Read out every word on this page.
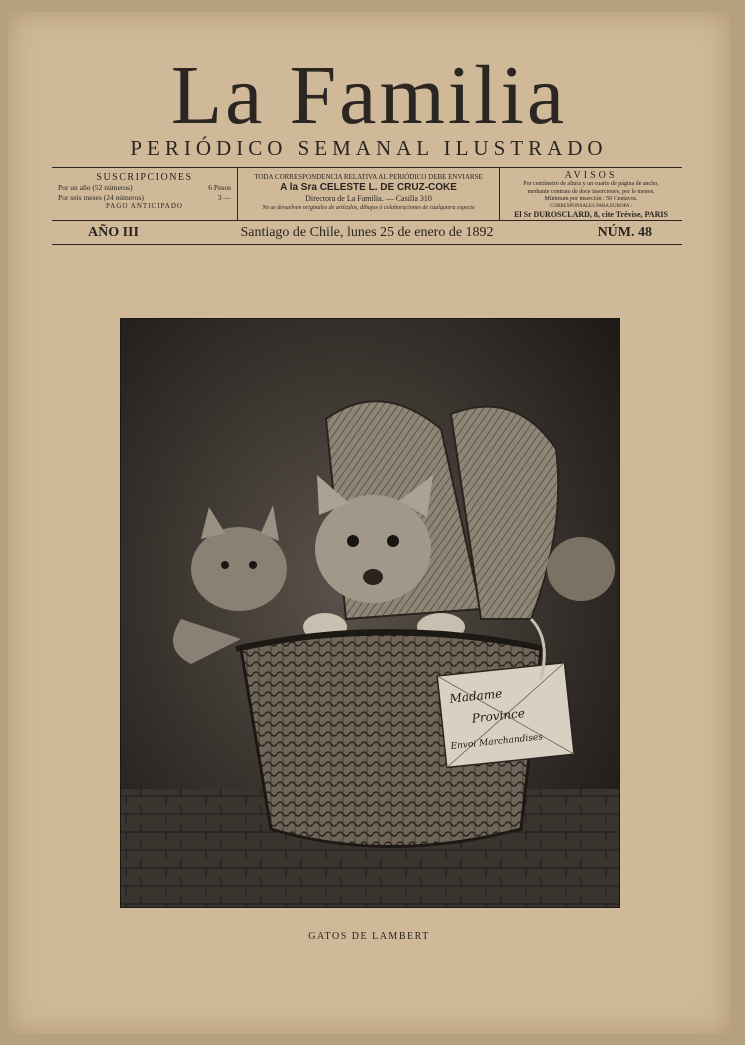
La Familia
PERIÓDICO SEMANAL ILUSTRADO
SUSCRIPCIONES
Por un año (52 números)	6 Pesos
Por seis meses (24 números)	3 —
PAGO ANTICIPADO
TODA CORRESPONDENCIA RELATIVA AL PERIÓDICO DEBE ENVIARSE
A la Sra CELESTE L. DE CRUZ-COKE
Directora de La Familia. — Casilla 310
No se devuelven originales de artículos, dibujos ó colaboraciones de cualquiera especie
AVISOS
Por centímetro de altura y un cuarto de página de ancho,
mediante contrato de doce inserciones, por le menos.
Mínimum por inserción : 50 Centavos.
CORRESPONSALES PARA EUROPA :
El Sr DUROSCLARD, 8, cite Trévise, PARIS
Santiago de Chile, lunes 25 de enero de 1892
AÑO III	NÚM. 48
Madame
Province
Envoi Marchandises
GATOS DE LAMBERT
